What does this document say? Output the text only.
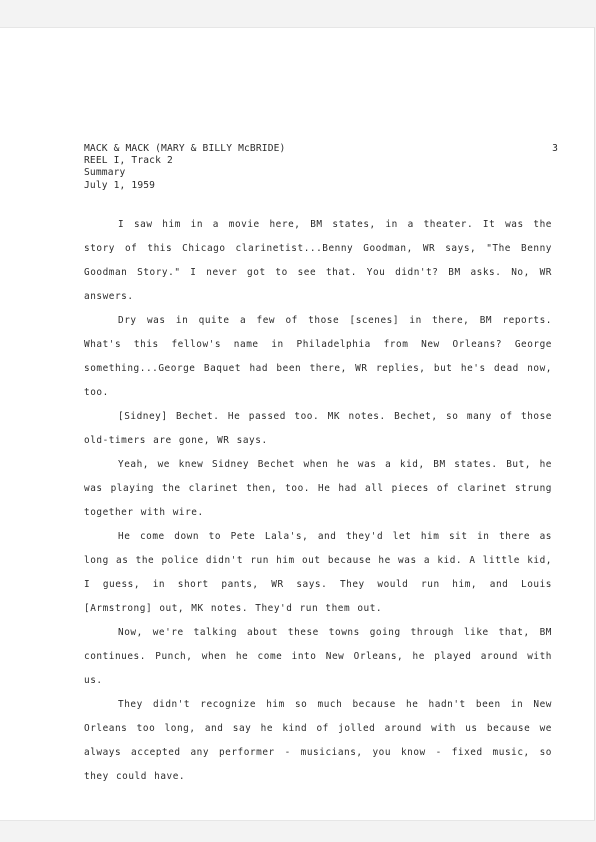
MACK & MACK (MARY & BILLY McBRIDE)
REEL I, Track 2
Summary
July 1, 1959
3

I saw him in a movie here, BM states, in a theater. It was the story of this Chicago clarinetist...Benny Goodman, WR says, "The Benny Goodman Story." I never got to see that. You didn't? BM asks. No, WR answers.

Dry was in quite a few of those [scenes] in there, BM reports. What's this fellow's name in Philadelphia from New Orleans? George something...George Baquet had been there, WR replies, but he's dead now, too.

[Sidney] Bechet. He passed too. MK notes. Bechet, so many of those old-timers are gone, WR says.

Yeah, we knew Sidney Bechet when he was a kid, BM states. But, he was playing the clarinet then, too. He had all pieces of clarinet strung together with wire.

He come down to Pete Lala's, and they'd let him sit in there as long as the police didn't run him out because he was a kid. A little kid, I guess, in short pants, WR says. They would run him, and Louis [Armstrong] out, MK notes. They'd run them out.

Now, we're talking about these towns going through like that, BM continues. Punch, when he come into New Orleans, he played around with us.

They didn't recognize him so much because he hadn't been in New Orleans too long, and say he kind of jolled around with us because we always accepted any performer - musicians, you know - fixed music, so they could have.
